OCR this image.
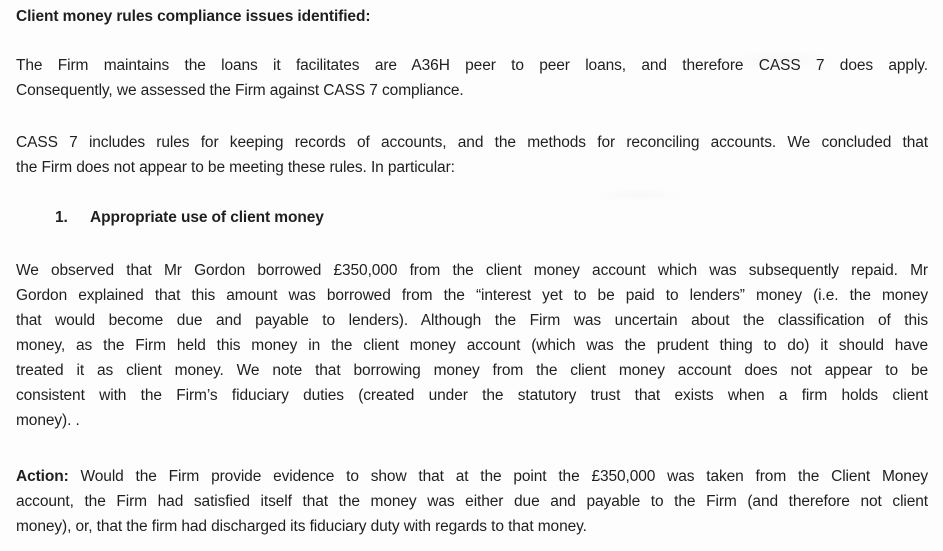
Client money rules compliance issues identified:
The Firm maintains the loans it facilitates are A36H peer to peer loans, and therefore CASS 7 does apply.
Consequently, we assessed the Firm against CASS 7 compliance.
CASS 7 includes rules for keeping records of accounts, and the methods for reconciling accounts. We concluded that
the Firm does not appear to be meeting these rules. In particular:
1. Appropriate use of client money
We observed that Mr Gordon borrowed £350,000 from the client money account which was subsequently repaid. Mr
Gordon explained that this amount was borrowed from the “interest yet to be paid to lenders” money (i.e. the money
that would become due and payable to lenders). Although the Firm was uncertain about the classification of this
money, as the Firm held this money in the client money account (which was the prudent thing to do) it should have
treated it as client money. We note that borrowing money from the client money account does not appear to be
consistent with the Firm’s fiduciary duties (created under the statutory trust that exists when a firm holds client
money). .
Action: Would the Firm provide evidence to show that at the point the £350,000 was taken from the Client Money
account, the Firm had satisfied itself that the money was either due and payable to the Firm (and therefore not client
money), or, that the firm had discharged its fiduciary duty with regards to that money.
